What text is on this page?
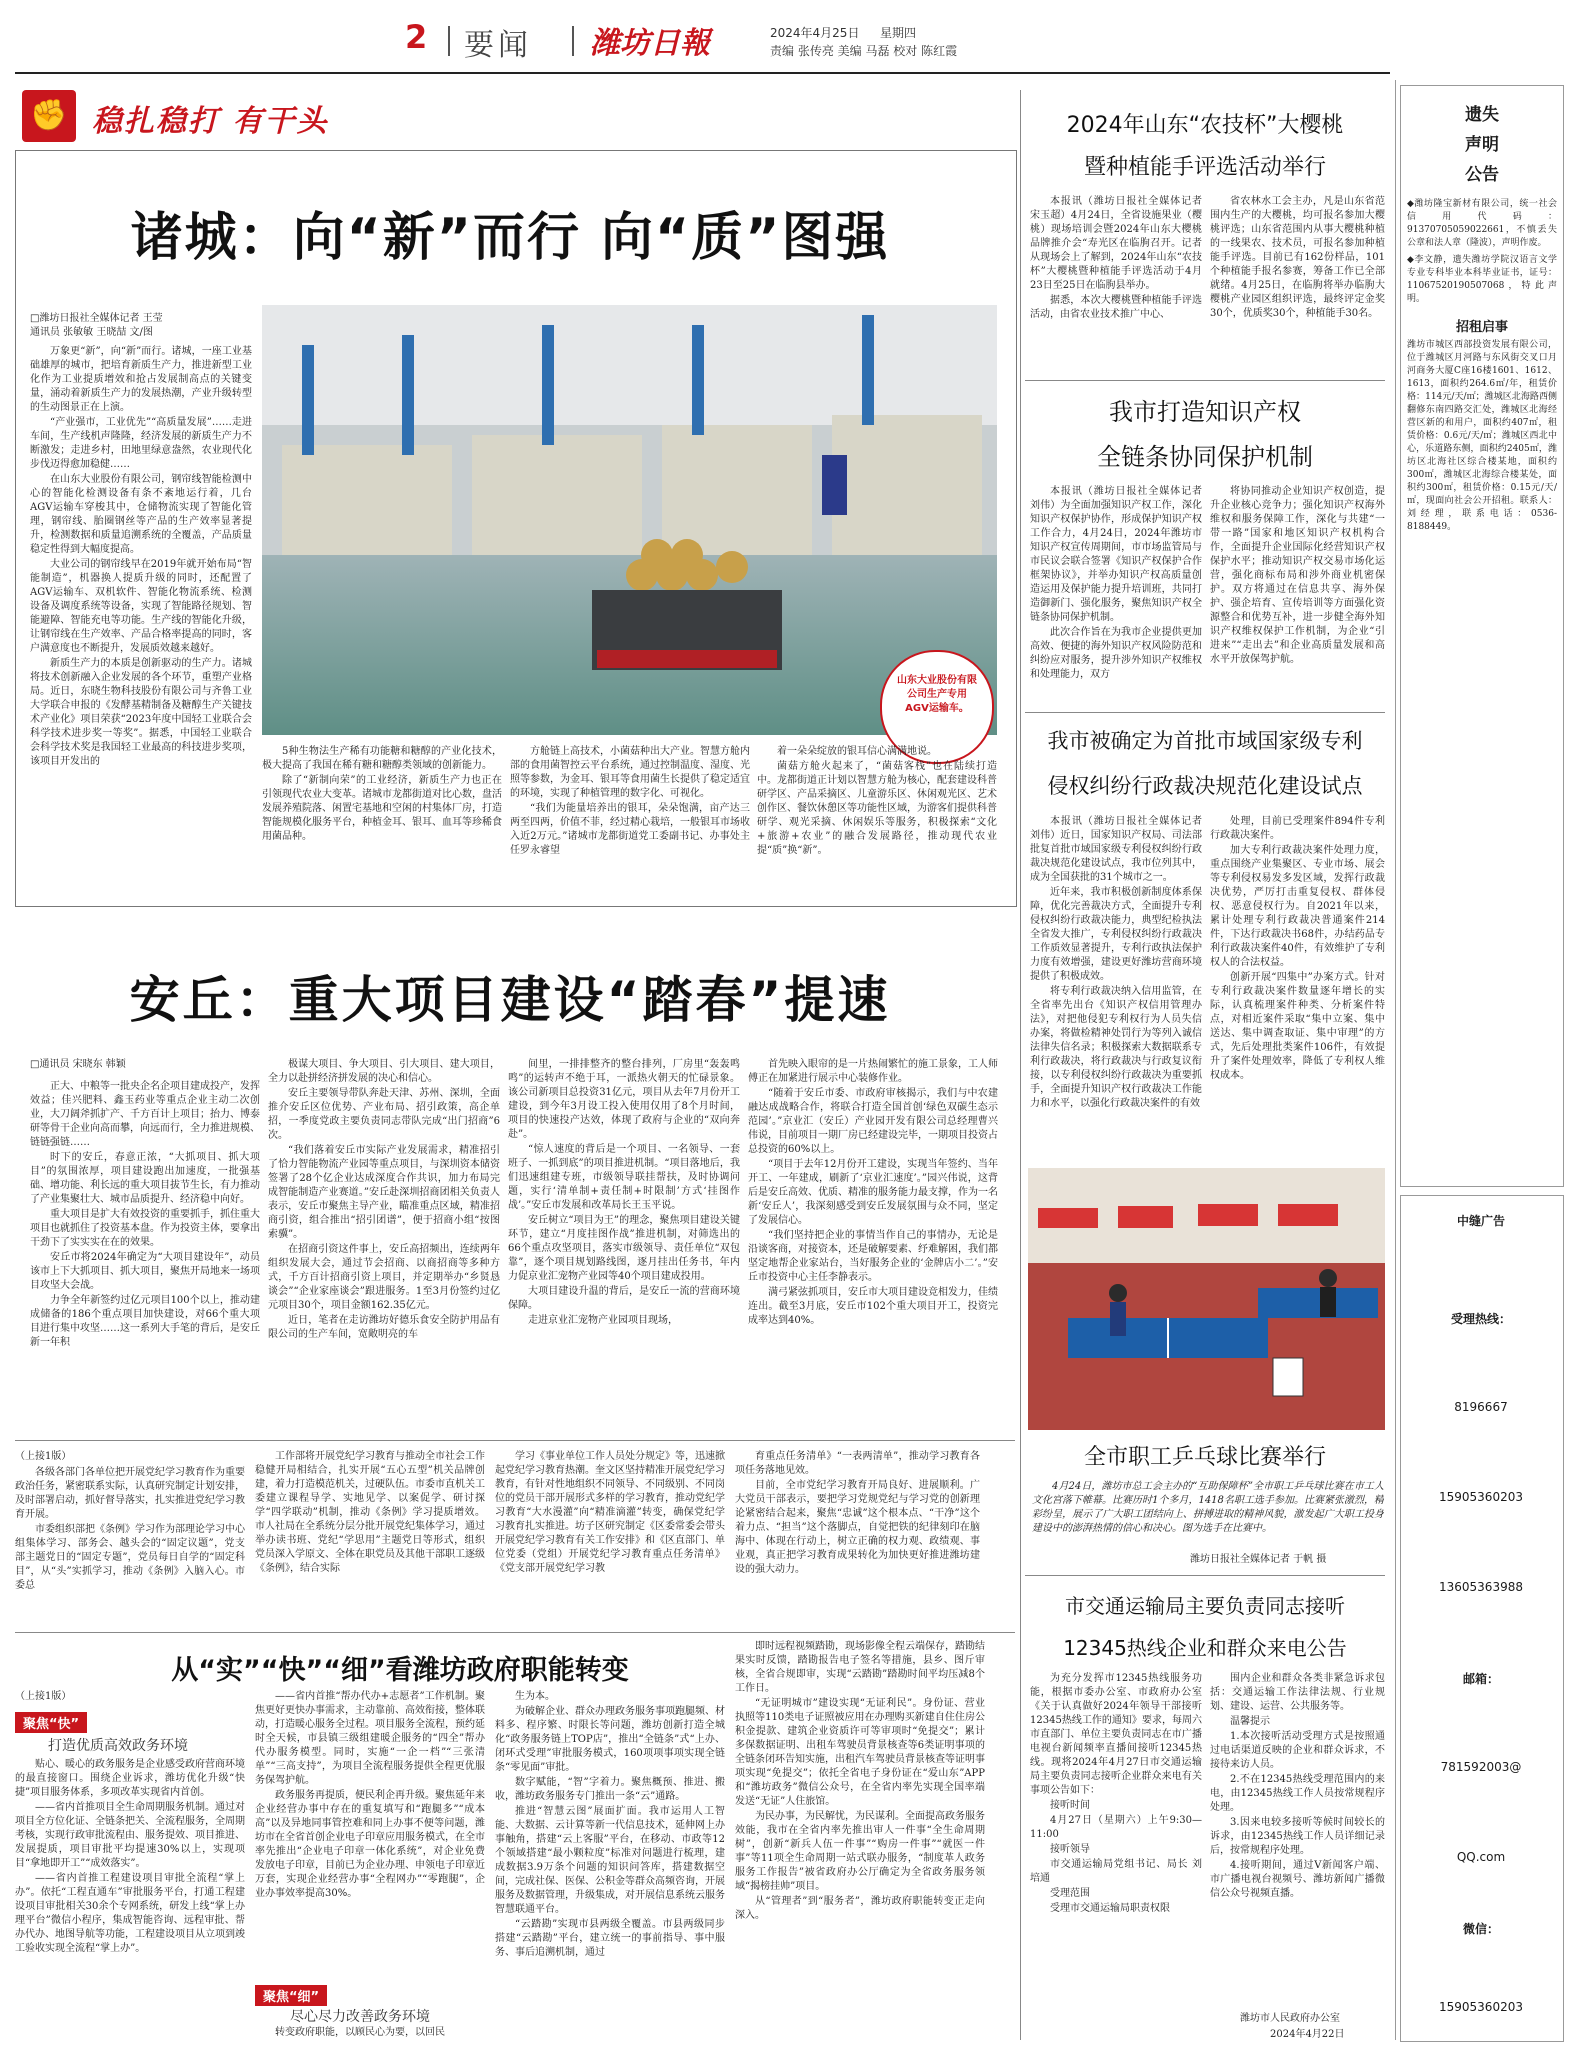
2 要闻 潍坊日報	2024年4月25日 星期四
责编 张传亮 美编 马磊 校对 陈红霞
✊ 稳扎稳打 有干头
诸城：向“新”而行 向“质”图强
□潍坊日报社全媒体记者 王莹
通讯员 张敏敏 王晓喆 文/图

万象更“新”，向“新”而行。诸城，一座工业基础雄厚的城市，把培育新质生产力，推进新型工业化作为工业提质增效和抢占发展制高点的关键变量，涌动着新质生产力的发展热潮，产业升级转型的生动图景正在上演。

“产业强市，工业优先”“高质量发展”……走进车间，生产线机声隆隆，经济发展的新质生产力不断激发；走进乡村，田地里绿意盎然，农业现代化步伐迈得愈加稳健……

在山东大业股份有限公司，钢帘线智能检测中心的智能化检测设备有条不紊地运行着，几台AGV运输车穿梭其中，仓储物流实现了智能化管理，钢帘线、胎圈钢丝等产品的生产效率显著提升，检测数据和质量追溯系统的全覆盖，产品质量稳定性得到大幅度提高。

大业公司的钢帘线早在2019年就开始布局“智能制造”，机器换人提质升级的同时，还配置了AGV运输车、双机软件、智能化物流系统、检测设备及调度系统等设备，实现了智能路径规划、智能避障、智能充电等功能。生产线的智能化升级，让钢帘线在生产效率、产品合格率提高的同时，客户满意度也不断提升，发展质效越来越好。

新质生产力的本质是创新驱动的生产力。诸城将技术创新融入企业发展的各个环节，重塑产业格局。近日，东晓生物科技股份有限公司与齐鲁工业大学联合申报的《发酵基精制备及糖醇生产关键技术产业化》项目荣获“2023年度中国轻工业联合会科学技术进步奖一等奖”。据悉，中国轻工业联合会科学技术奖是我国轻工业最高的科技进步奖项，该项目开发出的

山东大业股份有限公司生产专用AGV运输车。

5种生物法生产稀有功能糖和糖醇的产业化技术，极大提高了我国在稀有糖和糖醇类领域的创新能力。

除了“新制向荣”的工业经济，新质生产力也正在引领现代农业大变革。诸城市龙都街道对比心数，盘活发展养殖院落、闲置宅基地和空闲的村集体厂房，打造智能规模化服务平台，种植金耳、银耳、血耳等珍稀食用菌品种。

方舱链上高技术，小菌菇种出大产业。智慧方舱内部的食用菌智控云平台系统，通过控制温度、湿度、光照等参数，为金耳、银耳等食用菌生长提供了稳定适宜的环境，实现了种植管理的数字化、可视化。

“我们为能量培养出的银耳，朵朵饱满，亩产达三两至四两，价值不菲，经过精心栽培，一般银耳市场收入近2万元。”诸城市龙都街道党工委副书记、办事处主任罗永睿望

着一朵朵绽放的银耳信心满满地说。

菌菇方舱火起来了，“菌菇客栈”也在陆续打造中。龙都街道正计划以智慧方舱为核心，配套建设科普研学区、产品采摘区、儿童游乐区、休闲观光区、艺术创作区、餐饮休憩区等功能性区域，为游客们提供科普研学、观光采摘、休闲娱乐等服务，积极探索“文化+旅游+农业”的融合发展路径，推动现代农业提“质”换“新”。

安丘：重大项目建设“踏春”提速
□通讯员 宋晓东 韩颖

正大、中粮等一批央企名企项目建成投产，发挥效益；佳兴肥料、鑫玉药业等重点企业主动二次创业，大刀阔斧抓扩产、千方百计上项目；抬力、博泰研等骨干企业向高而攀，向远而行，全力推进规模、链链强链……

时下的安丘，春意正浓，“大抓项目、抓大项目”的氛围浓厚，项目建设跑出加速度，一批强基础、增功能、利长远的重大项目拔节生长，有力推动了产业集聚壮大、城市品质提升、经济稳中向好。

重大项目是扩大有效投资的重要抓手，抓住重大项目也就抓住了投资基本盘。作为投资主体，要拿出干劲下了实实实在在的效果。

安丘市将2024年确定为“大项目建设年”，动员该市上下大抓项目、抓大项目，聚焦开局地来一场项目攻坚大会战。

力争全年新签约过亿元项目100个以上，推动建成储备的186个重点项目加快建设，对66个重大项目进行集中攻坚……这一系列大手笔的背后，是安丘新一年积

极谋大项目、争大项目、引大项目、建大项目，全力以赴拼经济拼发展的决心和信心。

安丘主要领导带队奔赴天津、苏州、深圳，全面推介安丘区位优势、产业布局、招引政策，高企单招，一季度党政主要负责同志带队完成“出门招商”6次。

“我们落着安丘市实际产业发展需求，精准招引了恰力智能物流产业园等重点项目，与深圳资本储资签署了28个亿企业达成深度合作共识，加力布局完成智能制造产业赛道。”安丘赴深圳招商团相关负责人表示，安丘市聚焦主导产业，瞄准重点区域，精准招商引资，组合推出“招引团谱”，便于招商小组“按图索骥”。

在招商引资这件事上，安丘高招频出，连续两年组织发展大会，通过节会招商、以商招商等多种方式，千方百计招商引资上项目，并定期举办“乡贤恳谈会”“企业家座谈会”跟进服务。1至3月份签约过亿元项目30个，项目金额162.35亿元。

近日，笔者在走访潍坊好德乐食安全防护用品有限公司的生产车间，宽敞明亮的车

间里，一排排整齐的整台排列，厂房里“轰轰鸣鸣”的运转声不绝于耳，一派热火朝天的忙碌景象。该公司新项目总投资31亿元，项目从去年7月份开工建设，到今年3月设工投入使用仅用了8个月时间，项目的快速投产达效，体现了政府与企业的“双向奔赴”。

“惊人速度的背后是一个项目、一名领导、一套班子、一抓到底”的项目推进机制。“项目落地后，我们迅速组建专班，市级领导联挂帮扶，及时协调问题，实行‘清单制+责任制+时限制’方式‘挂图作战’。”安丘市发展和改革局长王玉平说。

安丘树立“项目为王”的理念，聚焦项目建设关键环节，建立“月度挂图作战”推进机制，对筛选出的66个重点攻坚项目，落实市级领导、责任单位“双包靠”，逐个项目规划路线图，逐月挂出任务书，年内力促京业汇宠物产业园等40个项目建成投用。

大项目建设升温的背后，是安丘一流的营商环境保障。

走进京业汇宠物产业园项目现场，

首先映入眼帘的是一片热闹繁忙的施工景象，工人师傅正在加紧进行展示中心装修作业。

“随着于安丘市委、市政府审核揭示，我们与中农建融达成战略合作，将联合打造全国首创‘绿色双碳生态示范园’。”京业汇（安丘）产业园开发有限公司总经理曹兴伟说，目前项目一期厂房已经建设完毕，一期项目投资占总投资的60%以上。

“项目于去年12月份开工建设，实现当年签约、当年开工、一年建成，刷新了‘京业汇速度’。”园兴伟说，这背后是安丘高效、优质、精准的服务能力最支撑，作为一名新‘安丘人’，我深刻感受到安丘发展氛围与众不同，坚定了发展信心。

“我们坚持把企业的事情当作自己的事情办，无论是沿谈客商，对接资本，还是破解要素、纾难解困，我们都坚定地帮企业家站台，当好服务企业的‘金牌店小二’。”安丘市投资中心主任李静表示。

满弓紧弦抓项目，安丘市大项目建设竞相发力，佳绩连出。截至3月底，安丘市102个重大项目开工，投资完成率达到40%。

（上接1版）

各级各部门各单位把开展党纪学习教育作为重要政治任务，紧密联系实际，认真研究制定计划安排，及时部署启动，抓好督导落实，扎实推进党纪学习教育开展。

市委组织部把《条例》学习作为部理论学习中心组集体学习、部务会、越头会的“固定议题”，党支部主题党日的“固定专题”，党员每日自学的“固定科目”，从“头”实抓学习，推动《条例》入脑入心。市委总

工作部将开展党纪学习教育与推动全市社会工作稳健开局相结合，扎实开展“五心五型”机关品牌创建，着力打造模范机关，过硬队伍。市委市直机关工委建立课程导学、实地见学、以案促学、研讨探学“四学联动”机制，推动《条例》学习提质增效。市人社局在全系统分层分批开展党纪集体学习，通过举办读书班、党纪“学思用”主题党日等形式，组织党员深入学原文、全体在职党员及其他干部职工逐级《条例》，结合实际

学习《事业单位工作人员处分规定》等，迅速掀起党纪学习教育热潮。奎文区坚持精准开展党纪学习教育，有针对性地组织不同领导、不同级别、不同岗位的党员干部开展形式多样的学习教育，推动党纪学习教育“大水漫灌”向“精准滴灌”转变，确保党纪学习教育扎实推进。坊子区研究制定《区委常委会带头开展党纪学习教育有关工作安排》和《区直部门、单位党委（党组）开展党纪学习教育重点任务清单》《党支部开展党纪学习教

育重点任务清单》“一表两清单”，推动学习教育各项任务落地见效。

目前，全市党纪学习教育开局良好、进展顺利。广大党员干部表示，要把学习党规党纪与学习党的创新理论紧密结合起来，聚焦“忠诚”这个根本点、“干净”这个着力点、“担当”这个落脚点，自觉把铁的纪律刻印在脑海中、体现在行动上，树立正确的权力观、政绩观、事业观，真正把学习教育成果转化为加快更好推进潍坊建设的强大动力。

从“实”“快”“细”看潍坊政府职能转变
（上接1版）
聚焦“快”
打造优质高效政务环境

贴心、暖心的政务服务是企业感受政府营商环境的最直接窗口。围绕企业诉求，潍坊优化升级“快捷”项目服务体系，多项改革实现省内首创。

——省内首推项目全生命周期服务机制。通过对项目全方位化证、全链条把关、全流程服务，全周期考核，实现行政审批流程由、服务提效、项目推进、发展提质，项目审批平均提速30%以上，实现项目“拿地即开工”“成效落实”。

——省内首推工程建设项目审批全流程“掌上办”。依托“工程直通车”审批服务平台，打通工程建设项目审批相关30余个专网系统，研发上线“掌上办理平台”微信小程序，集成智能咨询、远程审批、帮办代办、地图导航等功能，工程建设项目从立项到竣工验收实现全流程“掌上办”。

——省内首推“帮办代办+志愿者”工作机制。聚焦更好更快办事需求，主动靠前、高效衔接，整体联动，打造暖心服务全过程。项目服务全流程，预约延时全天候，市县镇三级组建暖企服务的“四全”帮办代办服务模型。同时，实施“一企一档”“三张清单”“三高支持”，为项目全流程服务提供全程更优服务保驾护航。

政务服务再提质，便民利企再升级。聚焦延年来企业经营办事中存在的重复填写和“跑腿多”“成本高”以及异地同事管控难和同上办事不便等问题，潍坊市在全省首创企业电子印章应用服务模式，在全市率先推出“企业电子印章一体化系统”，对企业免费发放电子印章，目前已为企业办理、申领电子印章近万套，实现企业经营办事“全程网办”“零跑腿”，企业办事效率提高30%。

聚焦“细”
尽心尽力改善政务环境

转变政府职能，以顾民心为要，以回民

生为本。

为破解企业、群众办理政务服务事项跑腿频、材料多、程序繁、时限长等问题，潍坊创新打造全城化“政务服务链上TOP店”，推出“全链条”式“上办、闭环式受理”审批服务模式，160项项事项实现全链条“零见面”审批。

数字赋能，“智”字着力。聚焦概预、推进、搬收，潍坊政务服务专门推出一条“云”通路。

推进“智慧云图”展面扩面。我市运用人工智能、大数据、云计算等新一代信息技术，延伸网上办事触角，搭建“云上客服”平台，在移动、市政等12个领域搭建“最小颗粒度”标准对问题进行梳理，建成数据3.9万条个问题的知识问答库，搭建数据空间，完成社保、医保、公积金等群众高频咨询，开展服务及数据管理，升级集成，对开展信息系统云服务智慧联通平台。

“云踏勘”实现市县两级全覆盖。市县两级同步搭建“云踏勘”平台，建立统一的事前指导、事中服务、事后追溯机制，通过

即时远程视频踏勘，现场影像全程云端保存，踏勘结果实时反馈，踏勘报告电子签名等措施，县乡、图斤审核，全省合规即审，实现“云踏勘”踏勘时间平均压减8个工作日。

“无证明城市”建设实现“无证利民”。身份证、营业执照等110类电子证照被应用在办理购买新建自住住房公积金提款、建筑企业资质许可等审项时“免提交”；累计多保数据证明、出租车驾驶员背景核查等6类证明事项的全链条闭环告知实施，出租汽车驾驶员背景核查等证明事项实现“免提交”；依托全省电子身份证在“爱山东”APP和“潍坊政务”微信公众号，在全省内率先实现全国率端发送“无证”人住旅馆。

为民办事，为民解忧，为民谋利。全面提高政务服务效能，我市在全省内率先推出审人一件事“全生命周期树”，创新“新兵人伍一件事”“购房一件事”“就医一件事”等11项全生命周期一站式联办服务，“制度革人政务服务工作报告”被省政府办公厅确定为全省政务服务领域“揭榜挂帅”项目。

从“管理者”到“服务者”，潍坊政府职能转变正走向深入。

2024年山东“农技杯”大樱桃
暨种植能手评选活动举行

本报讯（潍坊日报社全媒体记者 宋玉超）4月24日，全省设施果业（樱桃）现场培训会暨2024年山东大樱桃品牌推介会“寿光区在临朐召开。记者从现场会上了解到，2024年山东“农技杯”大樱桃暨种植能手评选活动于4月23日至25日在临朐县举办。

据悉，本次大樱桃暨种植能手评选活动，由省农业技术推广中心、

省农林水工会主办，凡是山东省范围内生产的大樱桃，均可报名参加大樱桃评选；山东省范围内从事大樱桃种植的一线果农、技术员，可报名参加种植能手评选。目前已有162份样品，101个种植能手报名参赛，筹备工作已全部就绪。4月25日，在临朐将举办临朐大樱桃产业园区组织评选，最终评定金奖30个，优质奖30个，种植能手30名。

我市打造知识产权
全链条协同保护机制

本报讯（潍坊日报社全媒体记者 刘伟）为全面加强知识产权工作，深化知识产权保护协作，形成保护知识产权工作合力，4月24日，2024年潍坊市知识产权宣传周期间，市市场监管局与市民议会联合签署《知识产权保护合作框架协议》，并举办知识产权高质量创造运用及保护能力提升培训班，共同打造御新门、强化服务，聚焦知识产权全链条协同保护机制。

此次合作旨在为我市企业提供更加高效、便捷的海外知识产权风险防范和纠纷应对服务，提升涉外知识产权维权和处理能力，双方

将协同推动企业知识产权创造，提升企业核心竞争力；强化知识产权海外维权和服务保障工作，深化与共建“一带一路”国家和地区知识产权机构合作，全面提升企业国际化经营知识产权保护水平；推动知识产权交易市场化运营，强化商标布局和涉外商业机密保护。双方将通过在信息共享、海外保护、强企培育、宣传培训等方面强化资源整合和优势互补，进一步健全海外知识产权维权保护工作机制，为企业“引进来”“走出去”和企业高质量发展和高水平开放保驾护航。

我市被确定为首批市域国家级专利
侵权纠纷行政裁决规范化建设试点

本报讯（潍坊日报社全媒体记者 刘伟）近日，国家知识产权局、司法部批复首批市域国家级专利侵权纠纷行政裁决规范化建设试点，我市位列其中，成为全国获批的31个城市之一。

近年来，我市积极创新制度体系保障，优化完善裁决方式，全面提升专利侵权纠纷行政裁决能力，典型纪检执法全省发大推广，专利侵权纠纷行政裁决工作质效显著提升，专利行政执法保护力度有效增强，建设更好潍坊营商环境提供了积极成效。

将专利行政裁决纳入信用监管，在全省率先出台《知识产权信用管理办法》，对把他侵犯专利权行为人员失信办案，将做检精神处罚行为等列入诚信法律失信名录；积极探索大数据联系专利行政裁决，将行政裁决与行政复议衔接，以专利侵权纠纷行政裁决为重要抓手，全面提升知识产权行政裁决工作能力和水平，以强化行政裁决案件的有效

处理，目前已受理案件894件专利行政裁决案件。

加大专利行政裁决案件处理力度，重点围绕产业集聚区、专业市场、展会等专利侵权易发多发区域，发挥行政裁决优势，严厉打击重复侵权、群体侵权、恶意侵权行为。自2021年以来，累计处理专利行政裁决普通案件214件，下达行政裁决书68件，办结药品专利行政裁决案件40件，有效维护了专利权人的合法权益。

创新开展“四集中”办案方式。针对专利行政裁决案件数量逐年增长的实际，认真梳理案件种类、分析案件特点，对相近案件采取“集中立案、集中送达、集中调查取证、集中审理”的方式，先后处理批类案件106件，有效提升了案件处理效率，降低了专利权人维权成本。

全市职工乒乓球比赛举行

4月24日，潍坊市总工会主办的“互助保障杯”全市职工乒乓球比赛在市工人文化宫落下帷幕。比赛历时1个多月，1418名职工选手参加。比赛紧张激烈，精彩纷呈，展示了广大职工团结向上、拼搏进取的精神风貌，激发起广大职工投身建设中的澎湃热情的信心和决心。图为选手在比赛中。

潍坊日报社全媒体记者 于帆 摄
市交通运输局主要负责同志接听
12345热线企业和群众来电公告

为充分发挥市12345热线服务功能，根据市委办公室、市政府办公室《关于认真做好2024年领导干部接听12345热线工作的通知》要求，每周六市直部门、单位主要负责同志在市广播电视台新闻频率直播间接听12345热线。现将2024年4月27日市交通运输局主要负责同志接听企业群众来电有关事项公告如下：

接听时间

4月27日（星期六）上午9:30—11:00

接听领导

市交通运输局党组书记、局长 刘培通

受理范围

受理市交通运输局职责权限

围内企业和群众各类非紧急诉求包括：交通运输工作法律法规、行业规划、建设、运营、公共服务等。

温馨提示

1.本次接听活动受理方式是按照通过电话渠道反映的企业和群众诉求，不接待来访人员。

2.不在12345热线受理范围内的来电，由12345热线工作人员按常规程序处理。

3.因来电较多接听等候时间较长的诉求，由12345热线工作人员详细记录后，按常规程序处理。

4.接听期间，通过V新闻客户端、市广播电视台视频号、潍坊新闻广播微信公众号视频直播。

潍坊市人民政府办公室
2024年4月22日
遗失
声明
公告
◆潍坊隆宝新材有限公司，统一社会信用代码：91370705059022661，不慎丢失公章和法人章（隆波），声明作废。
◆李文静，遗失潍坊学院汉语言文学专业专科毕业本科毕业证书，证号：11067520190507068，特此声明。
招租启事
潍坊市城区西部投资发展有限公司，位于潍城区月河路与东风街交叉口月河商务大厦C座16楼1601、1612、1613，面积约264.6㎡/年，租赁价格：114元/天/㎡；潍城区北海路西侧翻修东南四路交汇处，潍城区北海经营区新的和用户，面积约407㎡，租赁价格：0.6元/天/㎡；潍城区西北中心，乐道路东侧，面积约2405㎡，潍坊区北海社区综合楼某地，面积约300㎡，潍城区北海综合楼某处，面积约300㎡，租赁价格：0.15元/天/㎡，现面向社会公开招租。联系人：刘经理，联系电话：0536-8188449。
中缝广告
受理热线：
8196667
15905360203
13605363988
邮箱：
781592003@
QQ.com
微信：
15905360203
